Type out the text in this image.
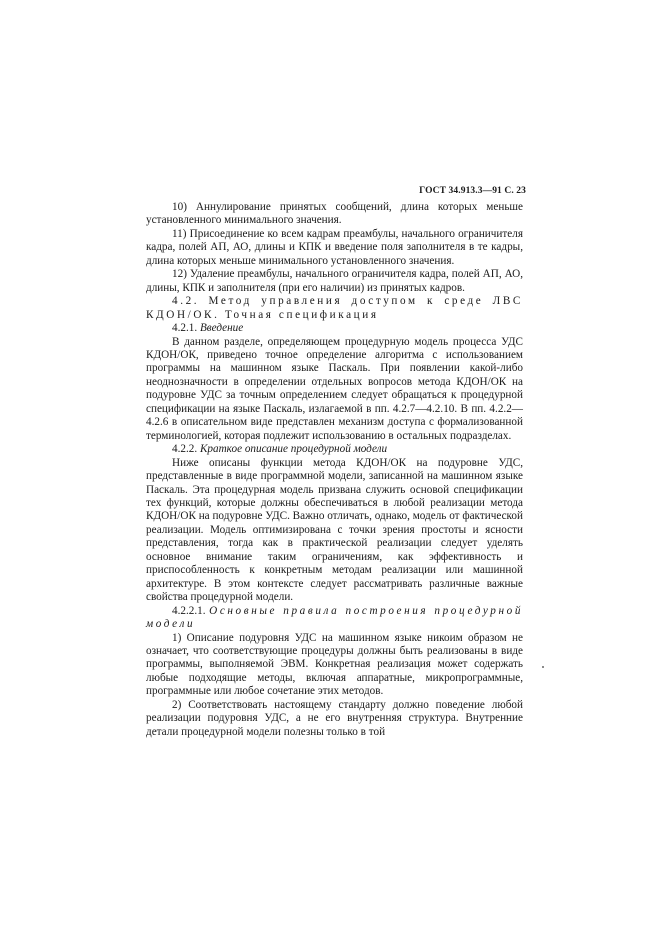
ГОСТ 34.913.3—91 С. 23

10) Аннулирование принятых сообщений, длина которых меньше установленного минимального значения.

11) Присоединение ко всем кадрам преамбулы, начального ограничителя кадра, полей АП, АО, длины и КПК и введение поля заполнителя в те кадры, длина которых меньше минимального установленного значения.

12) Удаление преамбулы, начального ограничителя кадра, полей АП, АО, длины, КПК и заполнителя (при его наличии) из принятых кадров.

4.2. Метод управления доступом к среде ЛВС КДОН/ОК. Точная спецификация

4.2.1. Введение

В данном разделе, определяющем процедурную модель процесса УДС КДОН/ОК, приведено точное определение алгоритма с использованием программы на машинном языке Паскаль. При появлении какой-либо неоднозначности в определении отдельных вопросов метода КДОН/ОК на подуровне УДС за точным определением следует обращаться к процедурной спецификации на языке Паскаль, излагаемой в пп. 4.2.7—4.2.10. В пп. 4.2.2—4.2.6 в описательном виде представлен механизм доступа с формализованной терминологией, которая подлежит использованию в остальных подразделах.

4.2.2. Краткое описание процедурной модели

Ниже описаны функции метода КДОН/ОК на подуровне УДС, представленные в виде программной модели, записанной на машинном языке Паскаль. Эта процедурная модель призвана служить основой спецификации тех функций, которые должны обеспечиваться в любой реализации метода КДОН/ОК на подуровне УДС. Важно отличать, однако, модель от фактической реализации. Модель оптимизирована с точки зрения простоты и ясности представления, тогда как в практической реализации следует уделять основное внимание таким ограничениям, как эффективность и приспособленность к конкретным методам реализации или машинной архитектуре. В этом контексте следует рассматривать различные важные свойства процедурной модели.

4.2.2.1. Основные правила построения процедурной модели

1) Описание подуровня УДС на машинном языке никоим образом не означает, что соответствующие процедуры должны быть реализованы в виде программы, выполняемой ЭВМ. Конкретная реализация может содержать любые подходящие методы, включая аппаратные, микропрограммные, программные или любое сочетание этих методов.

2) Соответствовать настоящему стандарту должно поведение любой реализации подуровня УДС, а не его внутренняя структура. Внутренние детали процедурной модели полезны только в той
